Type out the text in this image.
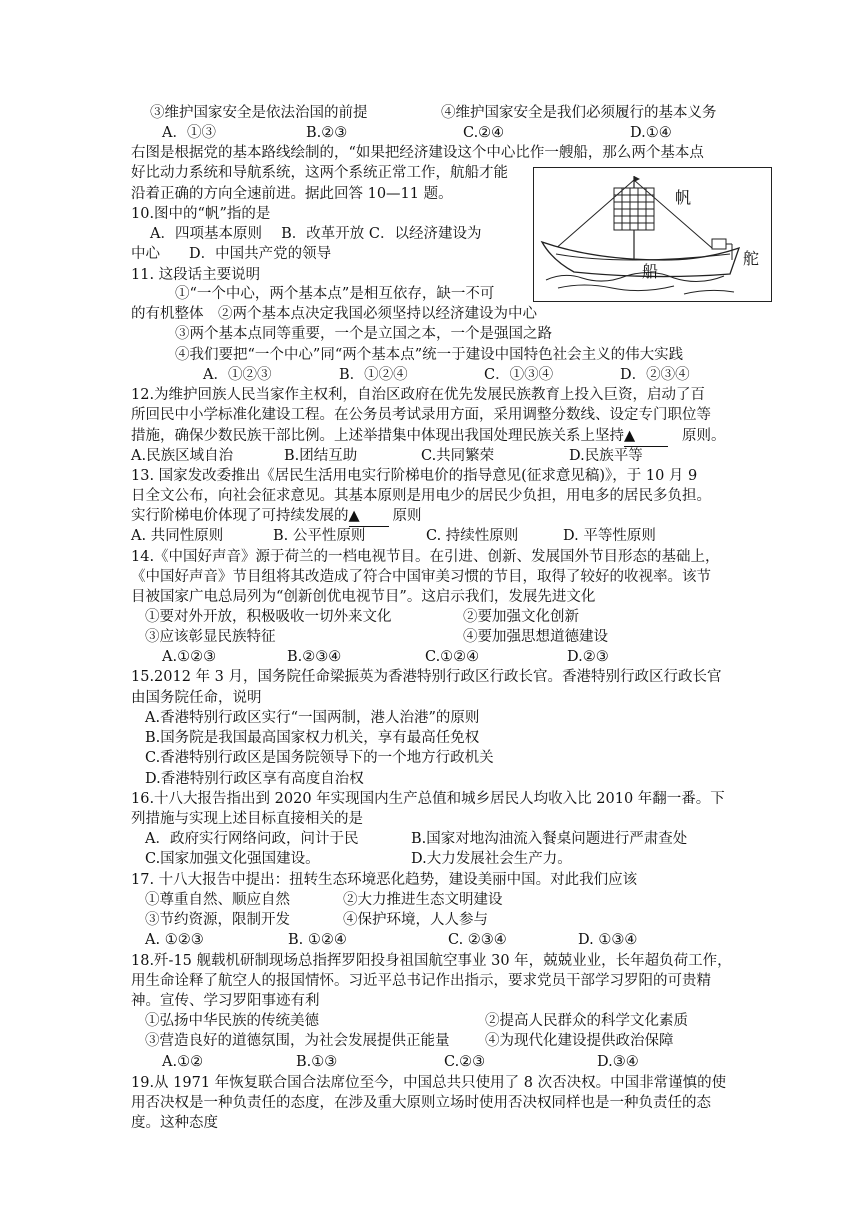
③维护国家安全是依法治国的前提	④维护国家安全是我们必须履行的基本义务
A．①③	B.②③	C.②④	D.①④
右图是根据党的基本路线绘制的，“如果把经济建设这个中心比作一艘船，那么两个基本点
好比动力系统和导航系统，这两个系统正常工作，航船才能
沿着正确的方向全速前进。据此回答 10—11 题。	帆
舵
船
10.图中的“帆”指的是
A．四项基本原则　 B．改革开放 C．以经济建设为
中心　　D．中国共产党的领导
11. 这段话主要说明
①“一个中心，两个基本点”是相互依存，缺一不可
的有机整体　②两个基本点决定我国必须坚持以经济建设为中心
③两个基本点同等重要，一个是立国之本，一个是强国之路
④我们要把“一个中心”同“两个基本点”统一于建设中国特色社会主义的伟大实践
A．①②③	B．①②④	C．①③④	D．②③④
12.为维护回族人民当家作主权利，自治区政府在优先发展民族教育上投入巨资，启动了百
所回民中小学标准化建设工程。在公务员考试录用方面，采用调整分数线、设定专门职位等
措施，确保少数民族干部比例。上述举措集中体现出我国处理民族关系上坚持▲	原则。
A.民族区域自治	B.团结互助	C.共同繁荣	D.民族平等
13. 国家发改委推出《居民生活用电实行阶梯电价的指导意见(征求意见稿)》，于 10 月 9
日全文公布，向社会征求意见。其基本原则是用电少的居民少负担，用电多的居民多负担。
实行阶梯电价体现了可持续发展的▲ 原则
A. 共同性原则	B. 公平性原则	C. 持续性原则	D. 平等性原则
14.《中国好声音》源于荷兰的一档电视节目。在引进、创新、发展国外节目形态的基础上，
《中国好声音》节目组将其改造成了符合中国审美习惯的节目，取得了较好的收视率。该节
目被国家广电总局列为“创新创优电视节目”。这启示我们，发展先进文化
①要对外开放，积极吸收一切外来文化	②要加强文化创新
③应该彰显民族特征	④要加强思想道德建设
A.①②③	B.②③④	C.①②④	D.②③
15.2012 年 3 月，国务院任命梁振英为香港特别行政区行政长官。香港特别行政区行政长官
由国务院任命，说明
A.香港特别行政区实行“一国两制，港人治港”的原则
B.国务院是我国最高国家权力机关，享有最高任免权
C.香港特别行政区是国务院领导下的一个地方行政机关
D.香港特别行政区享有高度自治权
16.十八大报告指出到 2020 年实现国内生产总值和城乡居民人均收入比 2010 年翻一番。下
列措施与实现上述目标直接相关的是
A．政府实行网络问政，问计于民	B.国家对地沟油流入餐桌问题进行严肃查处
C.国家加强文化强国建设。	D.大力发展社会生产力。
17. 十八大报告中提出：扭转生态环境恶化趋势，建设美丽中国。对此我们应该
①尊重自然、顺应自然	②大力推进生态文明建设
③节约资源，限制开发	④保护环境，人人参与
A. ①②③	B. ①②④	C. ②③④	D. ①③④
18.歼-15 舰载机研制现场总指挥罗阳投身祖国航空事业 30 年，兢兢业业，长年超负荷工作，
用生命诠释了航空人的报国情怀。习近平总书记作出指示，要求党员干部学习罗阳的可贵精
神。宣传、学习罗阳事迹有利
①弘扬中华民族的传统美德	②提高人民群众的科学文化素质
③营造良好的道德氛围，为社会发展提供正能量 ④为现代化建设提供政治保障
A.①②	B.①③	C.②③	D.③④
19.从 1971 年恢复联合国合法席位至今，中国总共只使用了 8 次否决权。中国非常谨慎的使
用否决权是一种负责任的态度，在涉及重大原则立场时使用否决权同样也是一种负责任的态
度。这种态度
